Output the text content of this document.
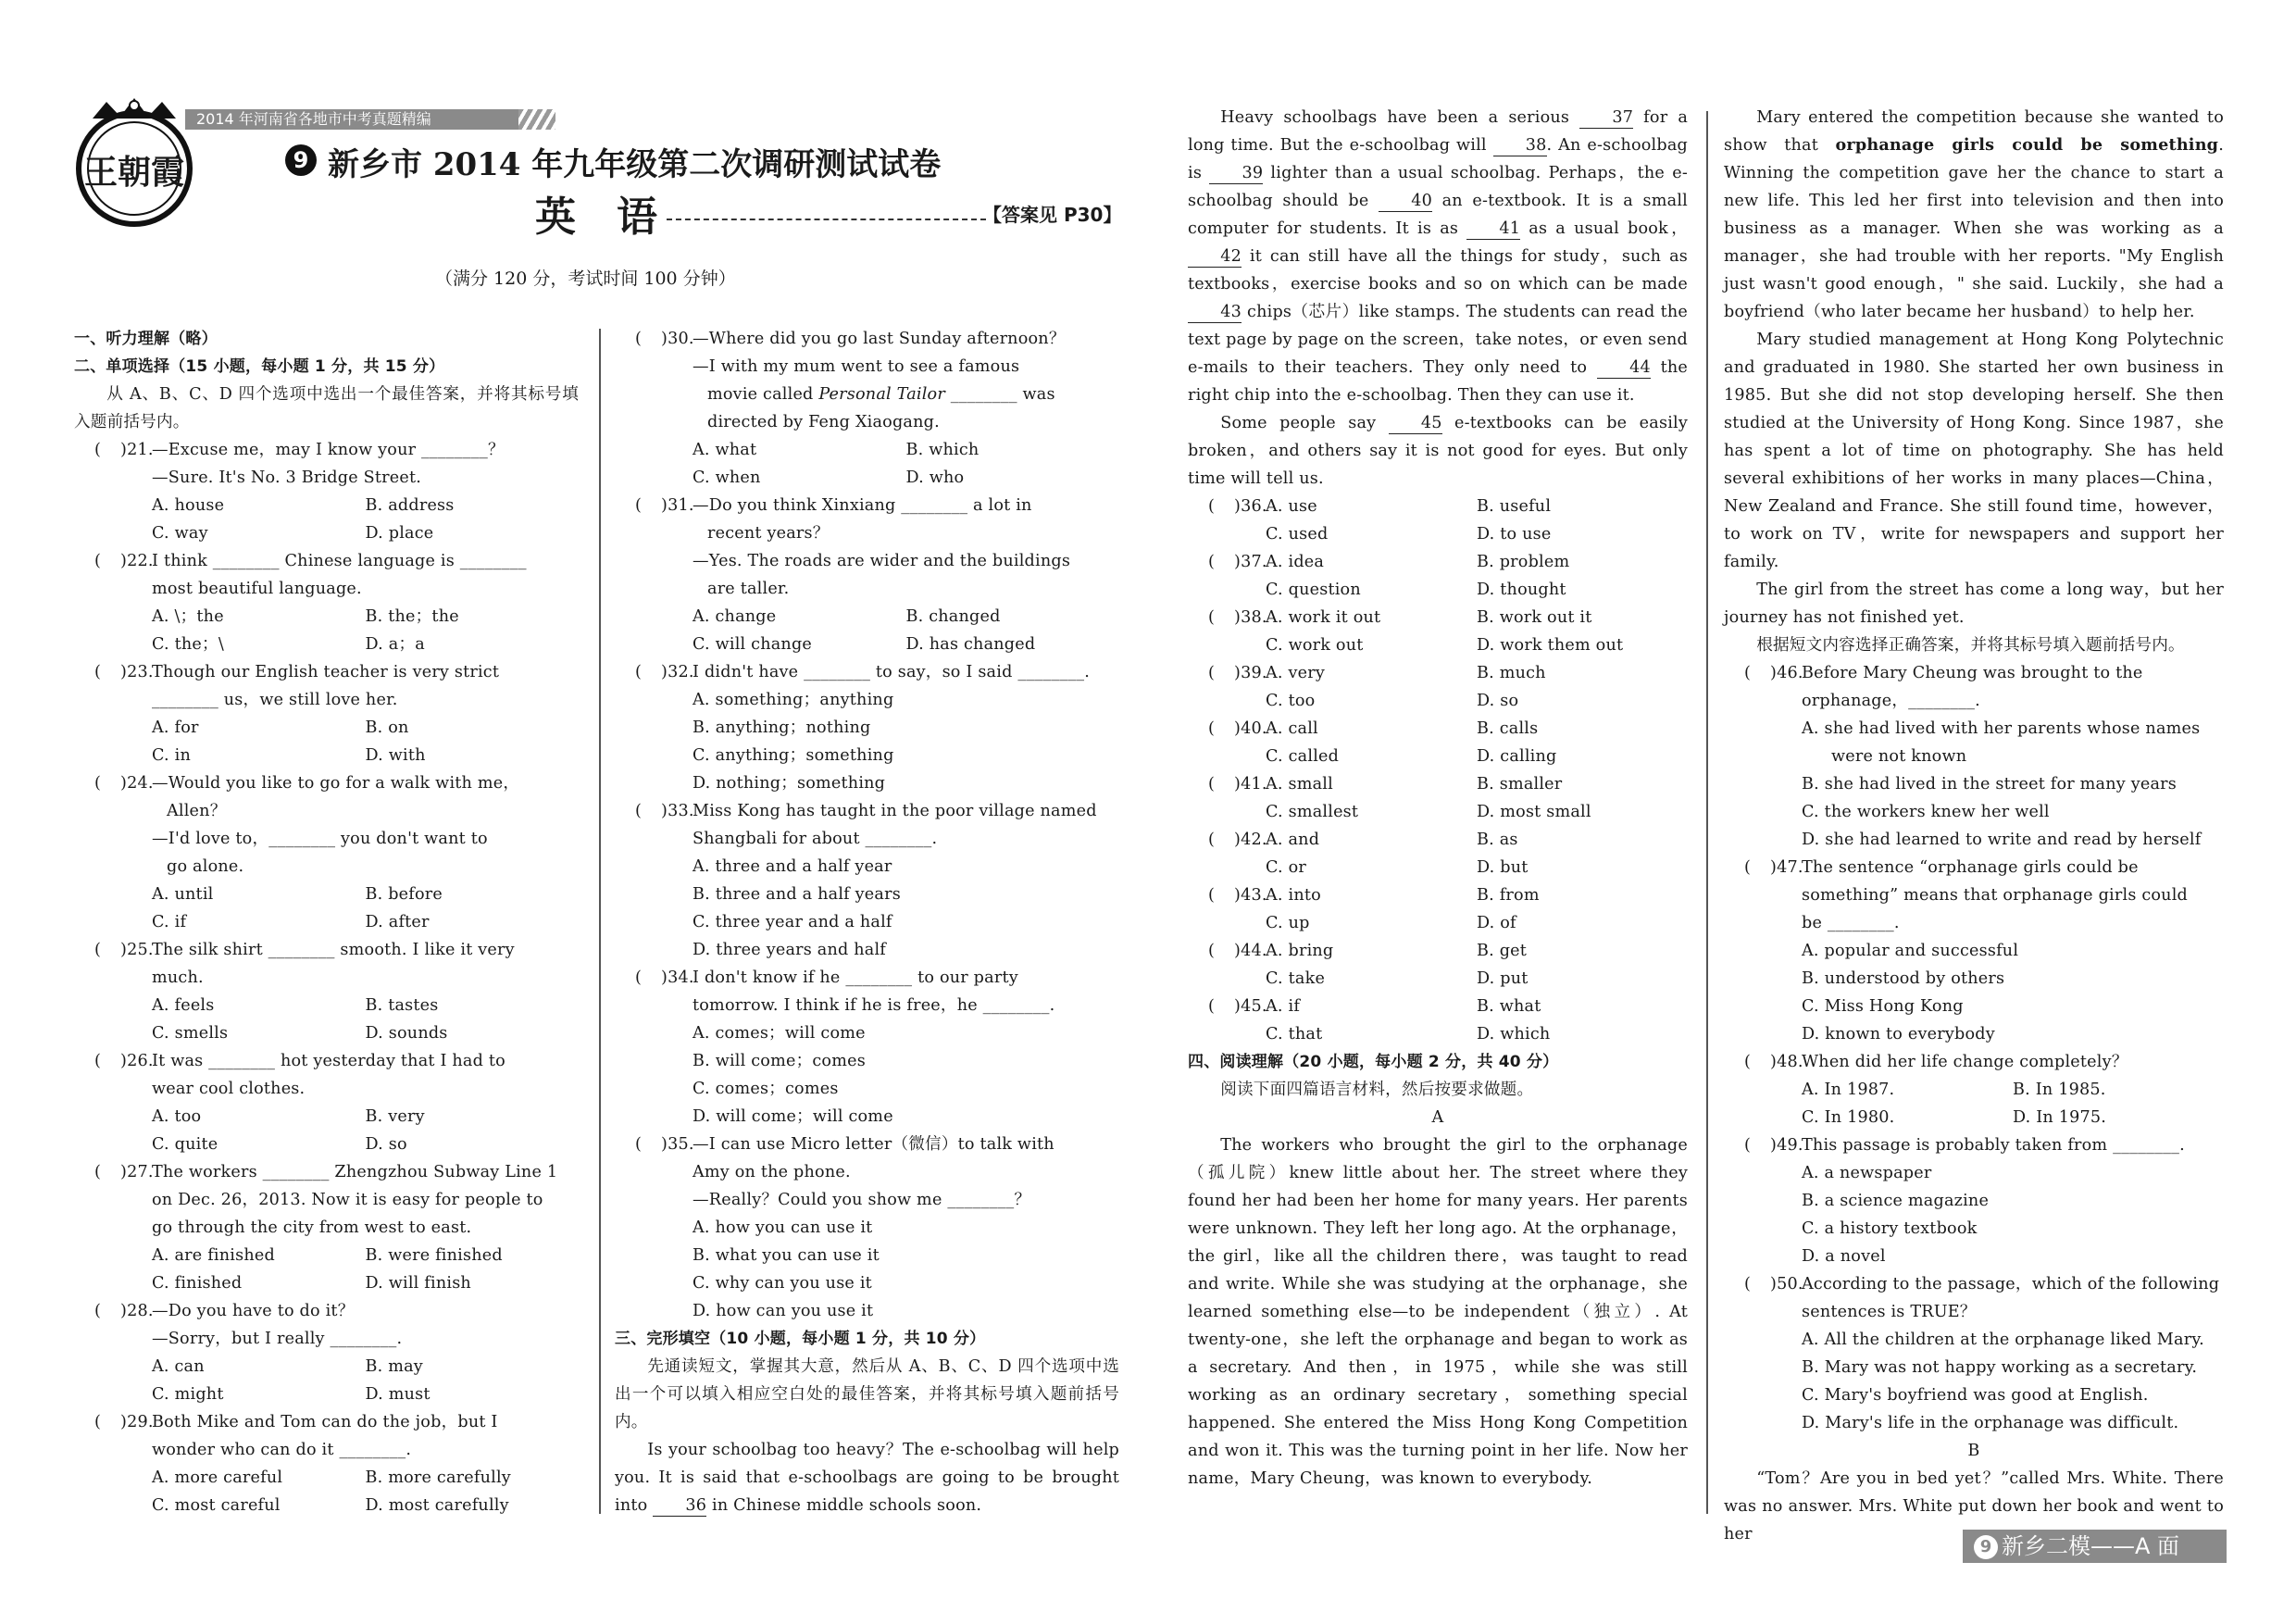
王朝霞
2014 年河南省各地市中考真题精编
9 新乡市 2014 年九年级第二次调研测试试卷
英　语	【答案见 P30】
（满分 120 分，考试时间 100 分钟）

一、听力理解（略）

二、单项选择（15 小题，每小题 1 分，共 15 分）

从 A、B、C、D 四个选项中选出一个最佳答案，并将其标号填入题前括号内。

( )21.
—Excuse me，may I know your ________？
—Sure. It's No. 3 Bridge Street.
A. house	B. address
C. way	D. place
( )22.
I think ________ Chinese language is ________
most beautiful language.
A. \；the	B. the；the
C. the；\	D. a；a
( )23.
Though our English teacher is very strict
________ us，we still love her.
A. for	B. on
C. in	D. with
( )24.
—Would you like to go for a walk with me，
Allen？
—I'd love to，________ you don't want to
go alone.
A. until	B. before
C. if	D. after
( )25.
The silk shirt ________ smooth. I like it very
much.
A. feels	B. tastes
C. smells	D. sounds
( )26.
It was ________ hot yesterday that I had to
wear cool clothes.
A. too	B. very
C. quite	D. so
( )27.
The workers ________ Zhengzhou Subway Line 1
on Dec. 26，2013. Now it is easy for people to
go through the city from west to east.
A. are finished	B. were finished
C. finished	D. will finish
( )28.
—Do you have to do it？
—Sorry，but I really ________.
A. can	B. may
C. might	D. must
( )29.
Both Mike and Tom can do the job，but I
wonder who can do it ________.
A. more careful	B. more carefully
C. most careful	D. most carefully
( )30.
—Where did you go last Sunday afternoon？
—I with my mum went to see a famous
movie called Personal Tailor ________ was
directed by Feng Xiaogang.
A. what	B. which
C. when	D. who
( )31.
—Do you think Xinxiang ________ a lot in
recent years？
—Yes. The roads are wider and the buildings
are taller.
A. change	B. changed
C. will change	D. has changed
( )32.
I didn't have ________ to say，so I said ________.
A. something；anything
B. anything；nothing
C. anything；something
D. nothing；something
( )33.
Miss Kong has taught in the poor village named
Shangbali for about ________.
A. three and a half year
B. three and a half years
C. three year and a half
D. three years and half
( )34.
I don't know if he ________ to our party
tomorrow. I think if he is free，he ________.
A. comes；will come
B. will come；comes
C. comes；comes
D. will come；will come
( )35.
—I can use Micro letter（微信）to talk with
Amy on the phone.
—Really？Could you show me ________？
A. how you can use it
B. what you can use it
C. why can you use it
D. how can you use it

三、完形填空（10 小题，每小题 1 分，共 10 分）

先通读短文，掌握其大意，然后从 A、B、C、D 四个选项中选出一个可以填入相应空白处的最佳答案，并将其标号填入题前括号内。

Is your schoolbag too heavy？The e-schoolbag will help you. It is said that e-schoolbags are going to be brought into 36 in Chinese middle schools soon.

Heavy schoolbags have been a serious 37 for a long time. But the e-schoolbag will 38. An e-schoolbag is 39 lighter than a usual schoolbag. Perhaps，the e-schoolbag should be 40 an e-textbook. It is a small computer for students. It is as 41 as a usual book，42 it can still have all the things for study，such as textbooks，exercise books and so on which can be made 43 chips（芯片）like stamps. The students can read the text page by page on the screen，take notes，or even send e-mails to their teachers. They only need to 44 the right chip into the e-schoolbag. Then they can use it.

Some people say 45 e-textbooks can be easily broken，and others say it is not good for eyes. But only time will tell us.

( )36.
A. use	B. useful
C. used	D. to use
( )37.
A. idea	B. problem
C. question	D. thought
( )38.
A. work it out	B. work out it
C. work out	D. work them out
( )39.
A. very	B. much
C. too	D. so
( )40.
A. call	B. calls
C. called	D. calling
( )41.
A. small	B. smaller
C. smallest	D. most small
( )42.
A. and	B. as
C. or	D. but
( )43.
A. into	B. from
C. up	D. of
( )44.
A. bring	B. get
C. take	D. put
( )45.
A. if	B. what
C. that	D. which

四、阅读理解（20 小题，每小题 2 分，共 40 分）

阅读下面四篇语言材料，然后按要求做题。

A

The workers who brought the girl to the orphanage（孤儿院）knew little about her. The street where they found her had been her home for many years. Her parents were unknown. They left her long ago. At the orphanage，the girl，like all the children there，was taught to read and write. While she was studying at the orphanage，she learned something else—to be independent（独立）. At twenty-one，she left the orphanage and began to work as a secretary. And then，in 1975，while she was still working as an ordinary secretary，something special happened. She entered the Miss Hong Kong Competition and won it. This was the turning point in her life. Now her name，Mary Cheung，was known to everybody.

Mary entered the competition because she wanted to show that orphanage girls could be something. Winning the competition gave her the chance to start a new life. This led her first into television and then into business as a manager. When she was working as a manager，she had trouble with her reports. "My English just wasn't good enough，" she said. Luckily，she had a boyfriend（who later became her husband）to help her.

Mary studied management at Hong Kong Polytechnic and graduated in 1980. She started her own business in 1985. But she did not stop developing herself. She then studied at the University of Hong Kong. Since 1987，she has spent a lot of time on photography. She has held several exhibitions of her works in many places—China，New Zealand and France. She still found time，however，to work on TV，write for newspapers and support her family.

The girl from the street has come a long way，but her journey has not finished yet.

根据短文内容选择正确答案，并将其标号填入题前括号内。

( )46.
Before Mary Cheung was brought to the
orphanage，________.
A. she had lived with her parents whose names
were not known
B. she had lived in the street for many years
C. the workers knew her well
D. she had learned to write and read by herself
( )47.
The sentence “orphanage girls could be
something” means that orphanage girls could
be ________.
A. popular and successful
B. understood by others
C. Miss Hong Kong
D. known to everybody
( )48.
When did her life change completely？
A. In 1987.	B. In 1985.
C. In 1980.	D. In 1975.
( )49.
This passage is probably taken from ________.
A. a newspaper
B. a science magazine
C. a history textbook
D. a novel
( )50.
According to the passage，which of the following
sentences is TRUE？
A. All the children at the orphanage liked Mary.
B. Mary was not happy working as a secretary.
C. Mary's boyfriend was good at English.
D. Mary's life in the orphanage was difficult.

B

“Tom？Are you in bed yet？”called Mrs. White. There was no answer. Mrs. White put down her book and went to her

9 新乡二模——A 面
